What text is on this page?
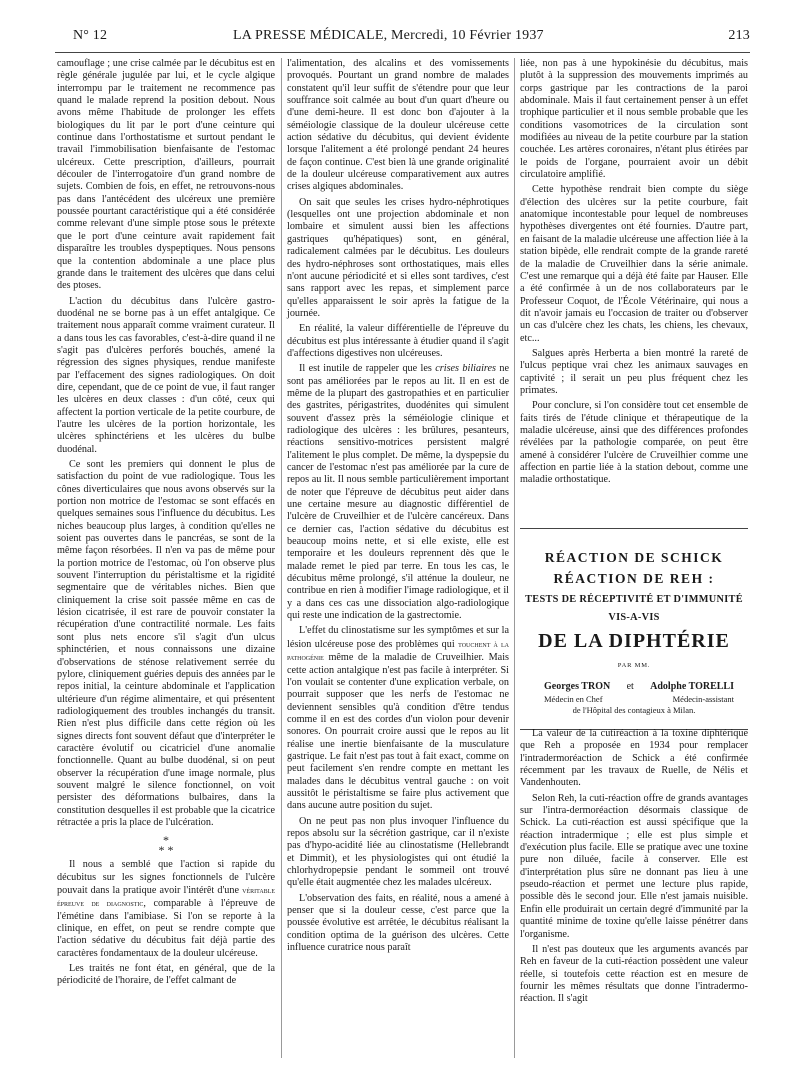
N° 12	LA PRESSE MÉDICALE, Mercredi, 10 Février 1937	213

camouflage ; une crise calmée par le décubitus est en règle générale jugulée par lui, et le cycle algique interrompu par le traitement ne recommence pas quand le malade reprend la position debout. Nous avons même l'habitude de prolonger les effets biologiques du lit par le port d'une ceinture qui continue dans l'orthostatisme et surtout pendant le travail l'immobilisation bienfaisante de l'estomac ulcéreux. Cette prescription, d'ailleurs, pourrait découler de l'interrogatoire d'un grand nombre de sujets. Combien de fois, en effet, ne retrouvons-nous pas dans l'antécédent des ulcéreux une première poussée pourtant caractéristique qui a été considérée comme relevant d'une simple ptose sous le prétexte que le port d'une ceinture avait rapidement fait disparaître les troubles dyspeptiques. Nous pensons que la contention abdominale a une place plus grande dans le traitement des ulcères que dans celui des ptoses.

L'action du décubitus dans l'ulcère gastro-duodénal ne se borne pas à un effet antalgique. Ce traitement nous apparaît comme vraiment curateur. Il a dans tous les cas favorables, c'est-à-dire quand il ne s'agit pas d'ulcères perforés bouchés, amené la régression des signes physiques, rendue manifeste par l'effacement des signes radiologiques. On doit dire, cependant, que de ce point de vue, il faut ranger les ulcères en deux classes : d'un côté, ceux qui affectent la portion verticale de la petite courbure, de l'autre les ulcères de la portion horizontale, les ulcères sphinctériens et les ulcères du bulbe duodénal.

Ce sont les premiers qui donnent le plus de satisfaction du point de vue radiologique. Tous les cônes diverticulaires que nous avons observés sur la portion non motrice de l'estomac se sont effacés en quelques semaines sous l'influence du décubitus. Les niches beaucoup plus larges, à condition qu'elles ne soient pas ouvertes dans le pancréas, se sont de la même façon résorbées. Il n'en va pas de même pour la portion motrice de l'estomac, où l'on observe plus souvent l'interruption du péristaltisme et la rigidité segmentaire que de véritables niches. Bien que cliniquement la crise soit passée même en cas de lésion cicatrisée, il est rare de pouvoir constater la récupération d'une contractilité normale. Les faits sont plus nets encore s'il s'agit d'un ulcus sphinctérien, et nous connaissons une dizaine d'observations de sténose relativement serrée du pylore, cliniquement guéries depuis des années par le repos initial, la ceinture abdominale et l'application ultérieure d'un régime alimentaire, et qui présentent radiologiquement des troubles inchangés du transit. Rien n'est plus difficile dans cette région où les signes directs font souvent défaut que d'interpréter le caractère évolutif ou cicatriciel d'une anomalie fonctionnelle. Quant au bulbe duodénal, si on peut observer la récupération d'une image normale, plus souvent malgré le silence fonctionnel, on voit persister des déformations bulbaires, dans la constitution desquelles il est probable que la cicatrice rétractée a pris la place de l'ulcération.

*
* *

Il nous a semblé que l'action si rapide du décubitus sur les signes fonctionnels de l'ulcère pouvait dans la pratique avoir l'intérêt d'une véritable épreuve de diagnostic, comparable à l'épreuve de l'émétine dans l'amibiase. Si l'on se reporte à la clinique, en effet, on peut se rendre compte que l'action sédative du décubitus fait déjà partie des caractères fondamentaux de la douleur ulcéreuse.

Les traités ne font état, en général, que de la périodicité de l'horaire, de l'effet calmant de

l'alimentation, des alcalins et des vomissements provoqués. Pourtant un grand nombre de malades constatent qu'il leur suffit de s'étendre pour que leur souffrance soit calmée au bout d'un quart d'heure ou d'une demi-heure. Il est donc bon d'ajouter à la séméiologie classique de la douleur ulcéreuse cette action sédative du décubitus, qui devient évidente lorsque l'alitement a été prolongé pendant 24 heures de façon continue. C'est bien là une grande originalité de la douleur ulcéreuse comparativement aux autres crises algiques abdominales.

On sait que seules les crises hydro-néphrotiques (lesquelles ont une projection abdominale et non lombaire et simulent aussi bien les affections gastriques qu'hépatiques) sont, en général, radicalement calmées par le décubitus. Les douleurs des hydro-néphroses sont orthostatiques, mais elles n'ont aucune périodicité et si elles sont tardives, c'est sans rapport avec les repas, et simplement parce qu'elles apparaissent le soir après la fatigue de la journée.

En réalité, la valeur différentielle de l'épreuve du décubitus est plus intéressante à étudier quand il s'agit d'affections digestives non ulcéreuses.

Il est inutile de rappeler que les crises biliaires ne sont pas améliorées par le repos au lit. Il en est de même de la plupart des gastropathies et en particulier des gastrites, périgastrites, duodénites qui simulent souvent d'assez près la séméiologie clinique et radiologique des ulcères : les brûlures, pesanteurs, réactions sensitivo-motrices persistent malgré l'alitement le plus complet. De même, la dyspepsie du cancer de l'estomac n'est pas améliorée par la cure de repos au lit. Il nous semble particulièrement important de noter que l'épreuve de décubitus peut aider dans une certaine mesure au diagnostic différentiel de l'ulcère de Cruveilhier et de l'ulcère cancéreux. Dans ce dernier cas, l'action sédative du décubitus est beaucoup moins nette, et si elle existe, elle est temporaire et les douleurs reprennent dès que le malade remet le pied par terre. En tous les cas, le décubitus même prolongé, s'il atténue la douleur, ne contribue en rien à modifier l'image radiologique, et il y a dans ces cas une dissociation algo-radiologique qui reste une indication de la gastrectomie.

L'effet du clinostatisme sur les symptômes et sur la lésion ulcéreuse pose des problèmes qui touchent à la pathogénie même de la maladie de Cruveilhier. Mais cette action antalgique n'est pas facile à interpréter. Si l'on voulait se contenter d'une explication verbale, on pourrait supposer que les nerfs de l'estomac ne deviennent sensibles qu'à condition d'être tendus comme il en est des cordes d'un violon pour devenir sonores. On pourrait croire aussi que le repos au lit réalise une inertie bienfaisante de la musculature gastrique. Le fait n'est pas tout à fait exact, comme on peut facilement s'en rendre compte en mettant les malades dans le décubitus ventral gauche : on voit aussitôt le péristaltisme se faire plus activement que dans aucune autre position du sujet.

On ne peut pas non plus invoquer l'influence du repos absolu sur la sécrétion gastrique, car il n'existe pas d'hypo-acidité liée au clinostatisme (Hellebrandt et Dimmit), et les physiologistes qui ont étudié la chlorhydropepsie pendant le sommeil ont trouvé qu'elle était augmentée chez les malades ulcéreux.

L'observation des faits, en réalité, nous a amené à penser que si la douleur cesse, c'est parce que la poussée évolutive est arrêtée, le décubitus réalisant la condition optima de la guérison des ulcères. Cette influence curatrice nous paraît

liée, non pas à une hypokinésie du décubitus, mais plutôt à la suppression des mouvements imprimés au corps gastrique par les contractions de la paroi abdominale. Mais il faut certainement penser à un effet trophique particulier et il nous semble probable que les conditions vasomotrices de la circulation sont modifiées au niveau de la petite courbure par la station couchée. Les artères coronaires, n'étant plus étirées par le poids de l'organe, pourraient avoir un débit circulatoire amplifié.

Cette hypothèse rendrait bien compte du siège d'élection des ulcères sur la petite courbure, fait anatomique incontestable pour lequel de nombreuses hypothèses divergentes ont été fournies. D'autre part, en faisant de la maladie ulcéreuse une affection liée à la station bipède, elle rendrait compte de la grande rareté de la maladie de Cruveilhier dans la série animale. C'est une remarque qui a déjà été faite par Hauser. Elle a été confirmée à un de nos collaborateurs par le Professeur Coquot, de l'École Vétérinaire, qui nous a dit n'avoir jamais eu l'occasion de traiter ou d'observer un cas d'ulcère chez les chats, les chiens, les chevaux, etc...

Salgues après Herberta a bien montré la rareté de l'ulcus peptique vrai chez les animaux sauvages en captivité ; il serait un peu plus fréquent chez les primates.

Pour conclure, si l'on considère tout cet ensemble de faits tirés de l'étude clinique et thérapeutique de la maladie ulcéreuse, ainsi que des différences profondes révélées par la pathologie comparée, on peut être amené à considérer l'ulcère de Cruveilhier comme une affection en partie liée à la station debout, comme une maladie orthostatique.

RÉACTION DE SCHICK
RÉACTION DE REH :
TESTS DE RÉCEPTIVITÉ ET D'IMMUNITÉ
VIS-A-VIS
DE LA DIPHTÉRIE
PAR MM.
Georges TRON et Adolphe TORELLI
Médecin en Chef	Médecin-assistant
de l'Hôpital des contagieux à Milan.

La valeur de la cutiréaction à la toxine diphtérique que Reh a proposée en 1934 pour remplacer l'intradermoréaction de Schick a été confirmée récemment par les travaux de Ruelle, de Nélis et Vandenhouten.

Selon Reh, la cuti-réaction offre de grands avantages sur l'intra-dermoréaction désormais classique de Schick. La cuti-réaction est aussi spécifique que la réaction intradermique ; elle est plus simple et d'exécution plus facile. Elle se pratique avec une toxine pure non diluée, facile à conserver. Elle est d'interprétation plus sûre ne donnant pas lieu à une pseudo-réaction et permet une lecture plus rapide, possible dès le second jour. Elle n'est jamais nuisible. Enfin elle produirait un certain degré d'immunité par la quantité minime de toxine qu'elle laisse pénétrer dans l'organisme.

Il n'est pas douteux que les arguments avancés par Reh en faveur de la cuti-réaction possèdent une valeur réelle, si toutefois cette réaction est en mesure de fournir les mêmes résultats que donne l'intradermo-réaction. Il s'agit
